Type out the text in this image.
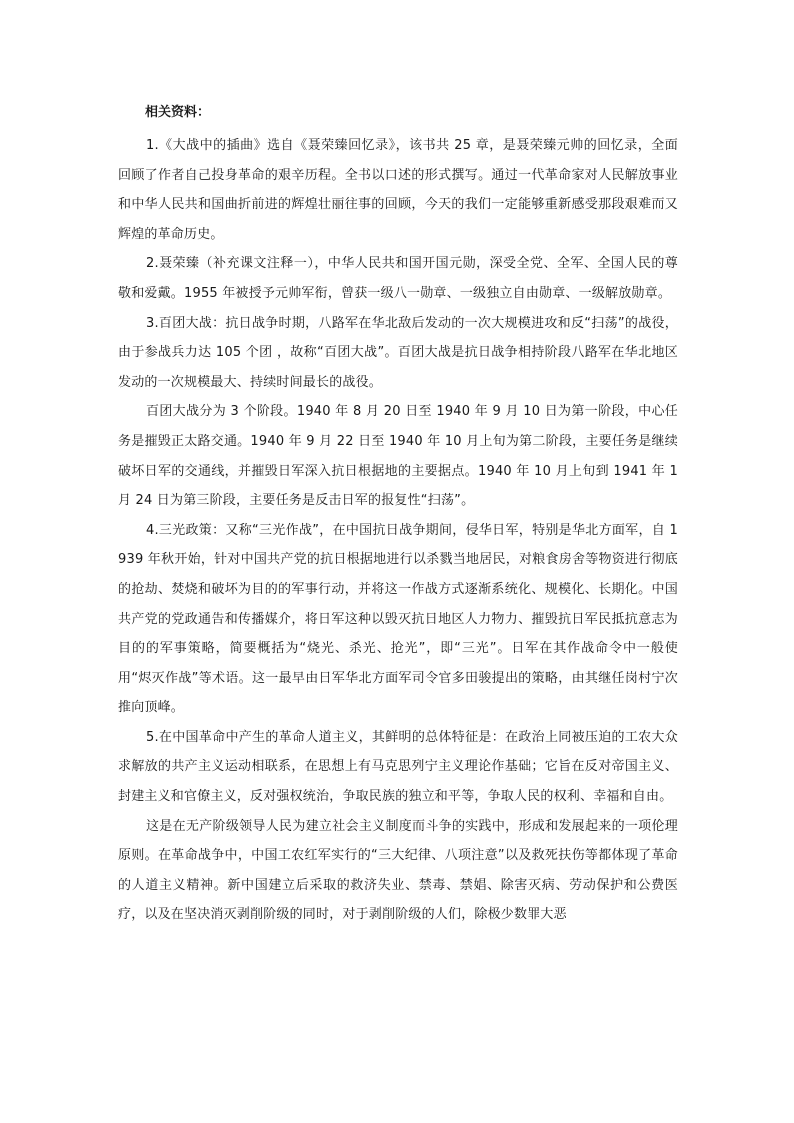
相关资料：

1.《大战中的插曲》选自《聂荣臻回忆录》，该书共 25 章，是聂荣臻元帅的回忆录，全面回顾了作者自己投身革命的艰辛历程。全书以口述的形式撰写。通过一代革命家对人民解放事业和中华人民共和国曲折前进的辉煌壮丽往事的回顾，今天的我们一定能够重新感受那段艰难而又辉煌的革命历史。

2.聂荣臻（补充课文注释一），中华人民共和国开国元勋，深受全党、全军、全国人民的尊敬和爱戴。1955 年被授予元帅军衔，曾获一级八一勋章、一级独立自由勋章、一级解放勋章。

3.百团大战：抗日战争时期，八路军在华北敌后发动的一次大规模进攻和反“扫荡”的战役，由于参战兵力达 105 个团 ，故称“百团大战”。百团大战是抗日战争相持阶段八路军在华北地区发动的一次规模最大、持续时间最长的战役。

百团大战分为 3 个阶段。1940 年 8 月 20 日至 1940 年 9 月 10 日为第一阶段，中心任务是摧毁正太路交通。1940 年 9 月 22 日至 1940 年 10 月上旬为第二阶段，主要任务是继续破坏日军的交通线，并摧毁日军深入抗日根据地的主要据点。1940 年 10 月上旬到 1941 年 1 月 24 日为第三阶段，主要任务是反击日军的报复性“扫荡”。

4.三光政策：又称“三光作战”，在中国抗日战争期间，侵华日军，特别是华北方面军，自 1939 年秋开始，针对中国共产党的抗日根据地进行以杀戮当地居民，对粮食房舍等物资进行彻底的抢劫、焚烧和破坏为目的的军事行动，并将这一作战方式逐渐系统化、规模化、长期化。中国共产党的党政通告和传播媒介，将日军这种以毁灭抗日地区人力物力、摧毁抗日军民抵抗意志为目的的军事策略，简要概括为“烧光、杀光、抢光”，即“三光”。日军在其作战命令中一般使用“烬灭作战”等术语。这一最早由日军华北方面军司令官多田骏提出的策略，由其继任岗村宁次推向顶峰。

5.在中国革命中产生的革命人道主义，其鲜明的总体特征是：在政治上同被压迫的工农大众求解放的共产主义运动相联系，在思想上有马克思列宁主义理论作基础；它旨在反对帝国主义、封建主义和官僚主义，反对强权统治，争取民族的独立和平等，争取人民的权利、幸福和自由。

这是在无产阶级领导人民为建立社会主义制度而斗争的实践中，形成和发展起来的一项伦理原则。在革命战争中，中国工农红军实行的“三大纪律、八项注意”以及救死扶伤等都体现了革命的人道主义精神。新中国建立后采取的救济失业、禁毒、禁娼、除害灭病、劳动保护和公费医疗，以及在坚决消灭剥削阶级的同时，对于剥削阶级的人们，除极少数罪大恶
